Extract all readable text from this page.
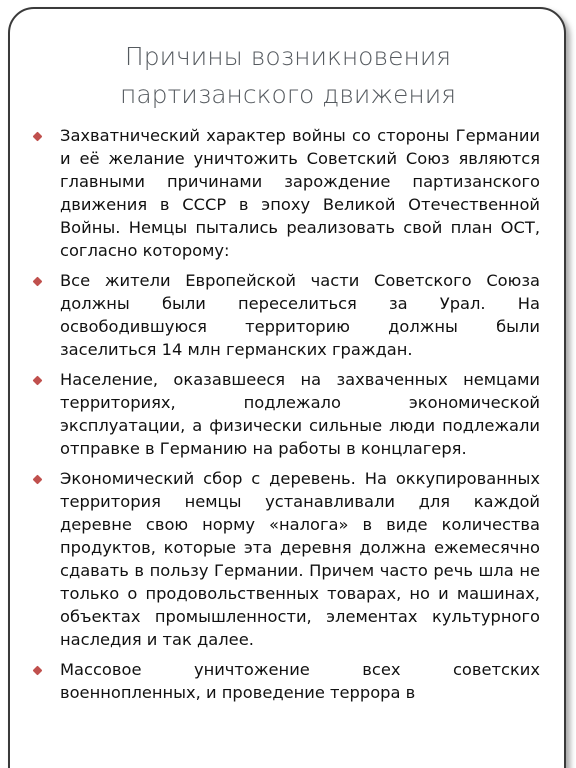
Причины возникновения
партизанского движения
Захватнический характер войны со стороны Германии и её желание уничтожить Советский Союз являются главными причинами зарождение партизанского движения в СССР в эпоху Великой Отечественной Войны. Немцы пытались реализовать свой план ОСТ, согласно которому:
Все жители Европейской части Советского Союза должны были переселиться за Урал. На освободившуюся территорию должны были заселиться 14 млн германских граждан.
Население, оказавшееся на захваченных немцами территориях, подлежало экономической эксплуатации, а физически сильные люди подлежали отправке в Германию на работы в концлагеря.
Экономический сбор с деревень. На оккупированных территория немцы устанавливали для каждой деревне свою норму «налога» в виде количества продуктов, которые эта деревня должна ежемесячно сдавать в пользу Германии. Причем часто речь шла не только о продовольственных товарах, но и машинах, объектах промышленности, элементах культурного наследия и так далее.
Массовое уничтожение всех советских военнопленных, и проведение террора в
